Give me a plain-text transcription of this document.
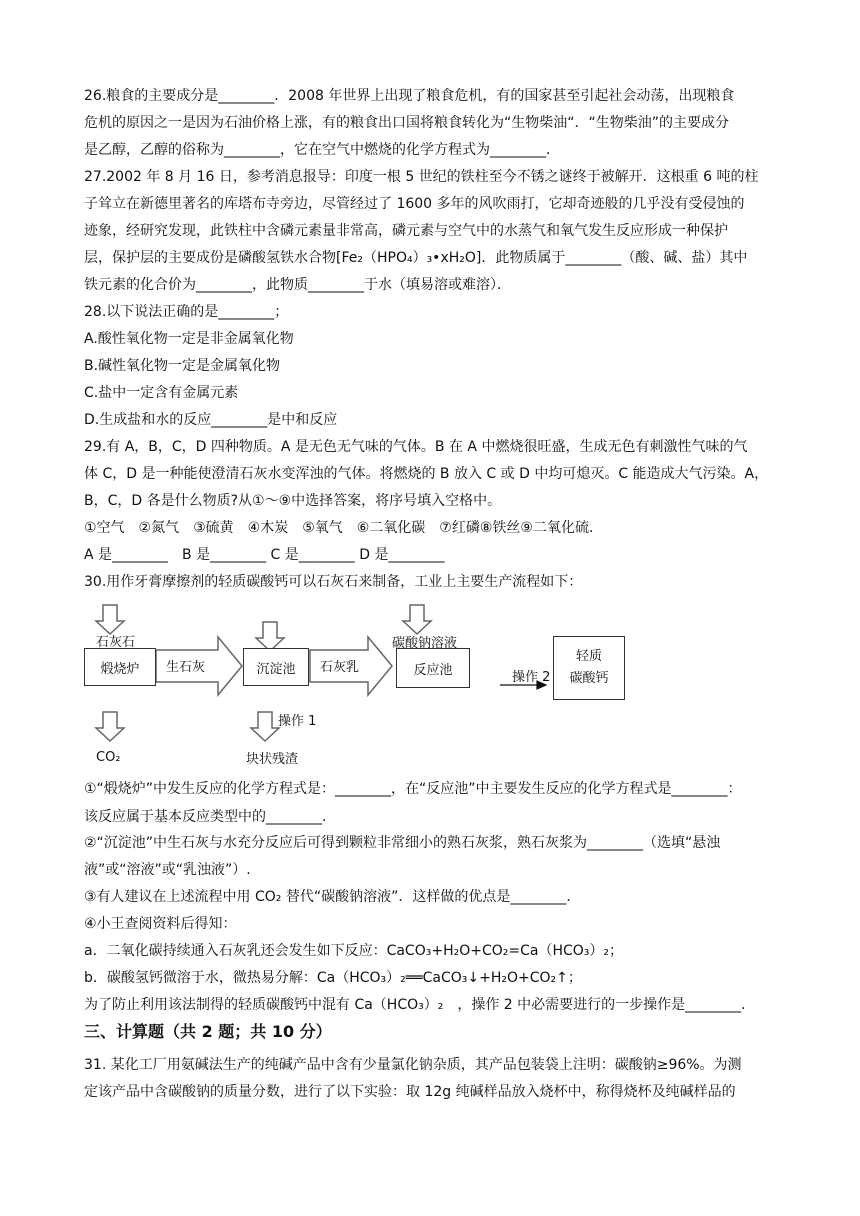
26.粮食的主要成分是________．2008 年世界上出现了粮食危机，有的国家甚至引起社会动荡，出现粮食
危机的原因之一是因为石油价格上涨，有的粮食出口国将粮食转化为“生物柴油“．“生物柴油”的主要成分
是乙醇，乙醇的俗称为________，它在空气中燃烧的化学方程式为________．
27.2002 年 8 月 16 日，参考消息报导：印度一根 5 世纪的铁柱至今不锈之谜终于被解开．这根重 6 吨的柱
子耸立在新德里著名的库塔布寺旁边，尽管经过了 1600 多年的风吹雨打，它却奇迹般的几乎没有受侵蚀的
迹象，经研究发现，此铁柱中含磷元素量非常高，磷元素与空气中的水蒸气和氧气发生反应形成一种保护
层，保护层的主要成份是磷酸氢铁水合物[Fe₂（HPO₄）₃•xH₂O]．此物质属于________（酸、碱、盐）其中
铁元素的化合价为________，此物质________于水（填易溶或难溶）．
28.以下说法正确的是________；
A.酸性氧化物一定是非金属氧化物
B.碱性氧化物一定是金属氧化物
C.盐中一定含有金属元素
D.生成盐和水的反应________是中和反应
29.有 A，B，C，D 四种物质。A 是无色无气味的气体。B 在 A 中燃烧很旺盛，生成无色有刺激性气味的气
体 C，D 是一种能使澄清石灰水变浑浊的气体。将燃烧的 B 放入 C 或 D 中均可熄灭。C 能造成大气污染。A，
B，C，D 各是什么物质?从①～⑨中选择答案，将序号填入空格中。
①空气　②氮气　③硫黄　④木炭　⑤氧气　⑥二氧化碳　⑦红磷⑧铁丝⑨二氧化硫.
A 是________　B 是________ C 是________ D 是________
30.用作牙膏摩擦剂的轻质碳酸钙可以石灰石来制备，工业上主要生产流程如下：
①“煅烧炉”中发生反应的化学方程式是：________，在“反应池”中主要发生反应的化学方程式是________：
该反应属于基本反应类型中的________.
②“沉淀池”中生石灰与水充分反应后可得到颗粒非常细小的熟石灰浆，熟石灰浆为________（选填“悬浊
液”或“溶液”或“乳浊液”）.
③有人建议在上述流程中用 CO₂ 替代“碳酸钠溶液”．这样做的优点是________．
④小王查阅资料后得知：
a．二氧化碳持续通入石灰乳还会发生如下反应：CaCO₃+H₂O+CO₂=Ca（HCO₃）₂；
b．碳酸氢钙微溶于水，微热易分解：Ca（HCO₃）₂══CaCO₃↓+H₂O+CO₂↑；
为了防止利用该法制得的轻质碳酸钙中混有 Ca（HCO₃）₂　，操作 2 中必需要进行的一步操作是________．
三、计算题（共 2 题；共 10 分）
31. 某化工厂用氨碱法生产的纯碱产品中含有少量氯化钠杂质，其产品包装袋上注明：碳酸钠≥96%。为测
定该产品中含碳酸钠的质量分数，进行了以下实验：取 12g 纯碱样品放入烧杯中，称得烧杯及纯碱样品的
煅烧炉	沉淀池	反应池
轻质
碳酸钙
石灰石
生石灰	石灰乳
碳酸钠溶液
操作 2
CO₂
操作 1
块状残渣
